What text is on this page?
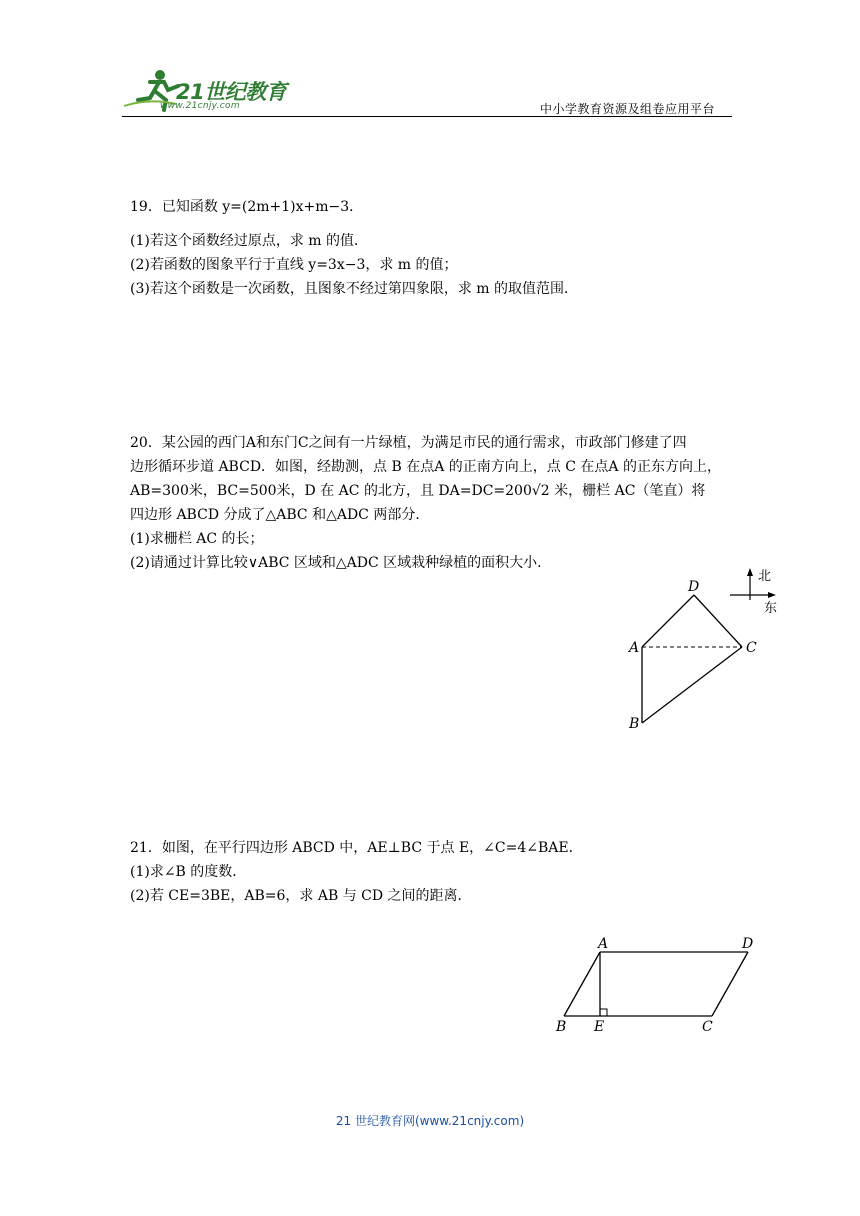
21世纪教育
www.21cnjy.com	中小学教育资源及组卷应用平台
19．已知函数 y=(2m+1)x+m−3．
(1)若这个函数经过原点，求 m 的值．
(2)若函数的图象平行于直线 y=3x−3，求 m 的值；
(3)若这个函数是一次函数，且图象不经过第四象限，求 m 的取值范围．
20．某公园的西门A和东门C之间有一片绿植，为满足市民的通行需求，市政部门修建了四
边形循环步道 ABCD．如图，经勘测，点 B 在点A 的正南方向上，点 C 在点A 的正东方向上，
AB=300米，BC=500米，D 在 AC 的北方，且 DA=DC=200√2 米，栅栏 AC（笔直）将
四边形 ABCD 分成了△ABC 和△ADC 两部分．
(1)求栅栏 AC 的长；
(2)请通过计算比较∨ABC 区域和△ADC 区域栽种绿植的面积大小．
北
东
D
A	C
B
21．如图，在平行四边形 ABCD 中，AE⊥BC 于点 E，∠C=4∠BAE．
(1)求∠B 的度数．
(2)若 CE=3BE，AB=6，求 AB 与 CD 之间的距离．
A	D
B E	C
21 世纪教育网(www.21cnjy.com)
